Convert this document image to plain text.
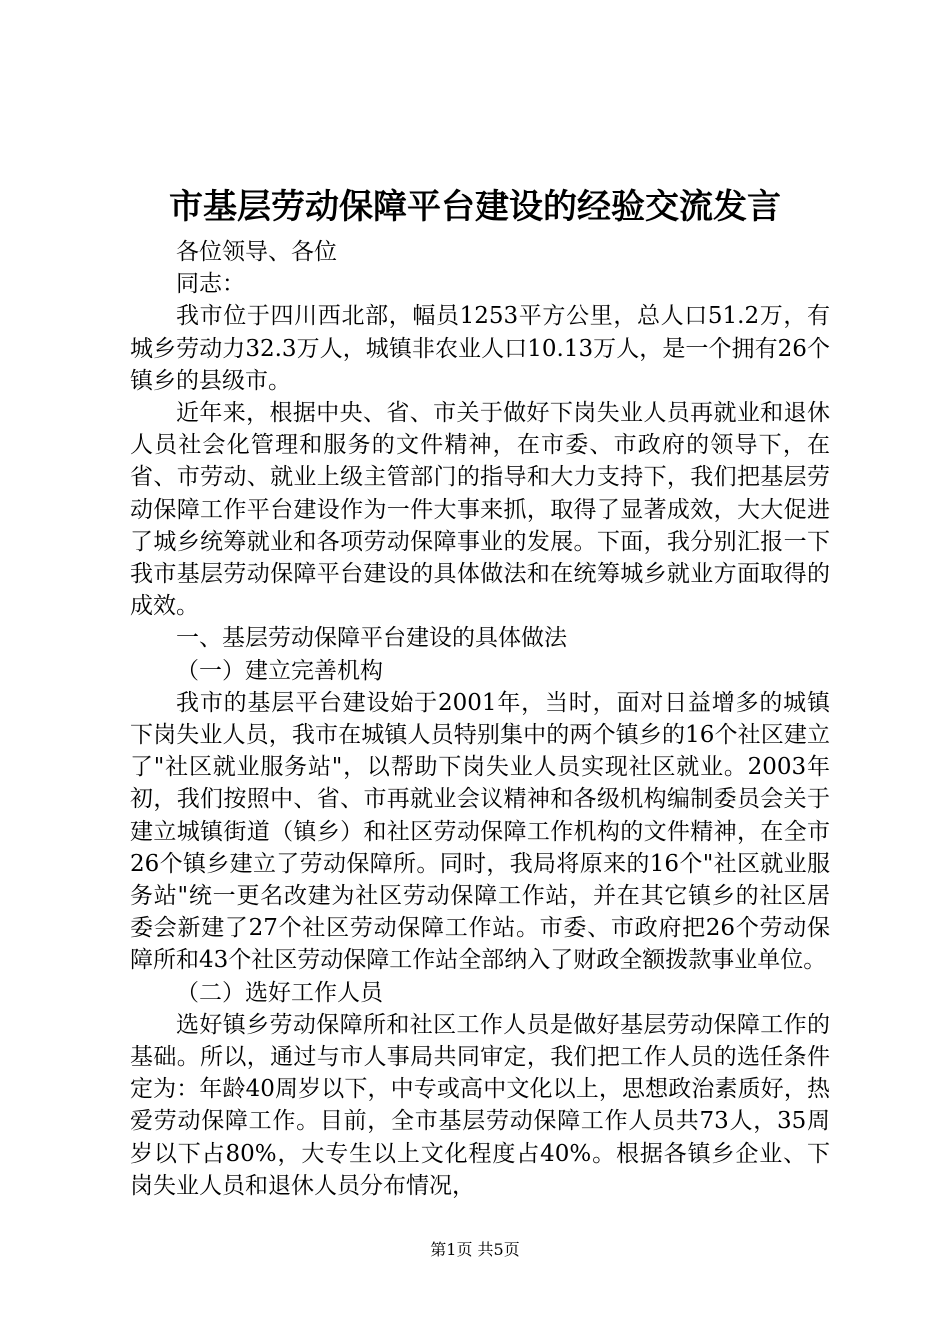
市基层劳动保障平台建设的经验交流发言

各位领导、各位

同志：

我市位于四川西北部，幅员1253平方公里，总人口51.2万，有城乡劳动力32.3万人，城镇非农业人口10.13万人，是一个拥有26个镇乡的县级市。

近年来，根据中央、省、市关于做好下岗失业人员再就业和退休人员社会化管理和服务的文件精神，在市委、市政府的领导下，在省、市劳动、就业上级主管部门的指导和大力支持下，我们把基层劳动保障工作平台建设作为一件大事来抓，取得了显著成效，大大促进了城乡统筹就业和各项劳动保障事业的发展。下面，我分别汇报一下我市基层劳动保障平台建设的具体做法和在统筹城乡就业方面取得的成效。

一、基层劳动保障平台建设的具体做法

（一）建立完善机构

我市的基层平台建设始于2001年，当时，面对日益增多的城镇下岗失业人员，我市在城镇人员特别集中的两个镇乡的16个社区建立了"社区就业服务站"，以帮助下岗失业人员实现社区就业。2003年初，我们按照中、省、市再就业会议精神和各级机构编制委员会关于建立城镇街道（镇乡）和社区劳动保障工作机构的文件精神，在全市26个镇乡建立了劳动保障所。同时，我局将原来的16个"社区就业服务站"统一更名改建为社区劳动保障工作站，并在其它镇乡的社区居委会新建了27个社区劳动保障工作站。市委、市政府把26个劳动保障所和43个社区劳动保障工作站全部纳入了财政全额拨款事业单位。

（二）选好工作人员

选好镇乡劳动保障所和社区工作人员是做好基层劳动保障工作的基础。所以，通过与市人事局共同审定，我们把工作人员的选任条件定为：年龄40周岁以下，中专或高中文化以上，思想政治素质好，热爱劳动保障工作。目前，全市基层劳动保障工作人员共73人，35周岁以下占80%，大专生以上文化程度占40%。根据各镇乡企业、下岗失业人员和退休人员分布情况，

第1页 共5页
